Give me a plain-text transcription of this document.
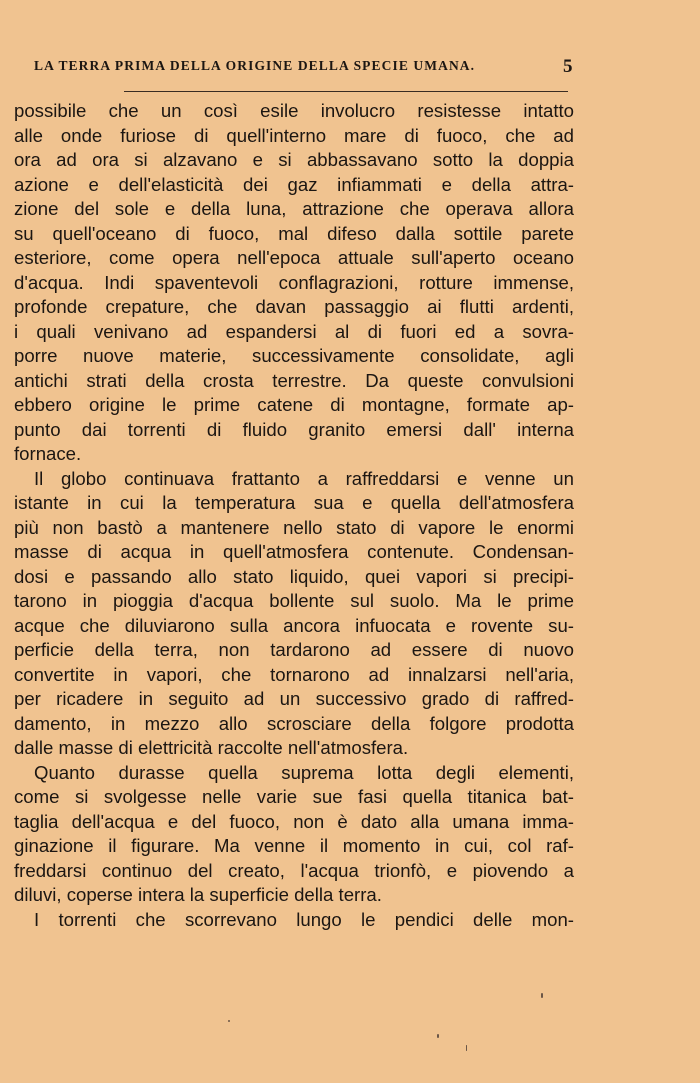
LA TERRA PRIMA DELLA ORIGINE DELLA SPECIE UMANA.	5
possibile che un così esile involucro resistesse intatto
alle onde furiose di quell'interno mare di fuoco, che ad
ora ad ora si alzavano e si abbassavano sotto la doppia
azione e dell'elasticità dei gaz infiammati e della attra-
zione del sole e della luna, attrazione che operava allora
su quell'oceano di fuoco, mal difeso dalla sottile parete
esteriore, come opera nell'epoca attuale sull'aperto oceano
d'acqua. Indi spaventevoli conflagrazioni, rotture immense,
profonde crepature, che davan passaggio ai flutti ardenti,
i quali venivano ad espandersi al di fuori ed a sovra-
porre nuove materie, successivamente consolidate, agli
antichi strati della crosta terrestre. Da queste convulsioni
ebbero origine le prime catene di montagne, formate ap-
punto dai torrenti di fluido granito emersi dall' interna
fornace.
Il globo continuava frattanto a raffreddarsi e venne un
istante in cui la temperatura sua e quella dell'atmosfera
più non bastò a mantenere nello stato di vapore le enormi
masse di acqua in quell'atmosfera contenute. Condensan-
dosi e passando allo stato liquido, quei vapori si precipi-
tarono in pioggia d'acqua bollente sul suolo. Ma le prime
acque che diluviarono sulla ancora infuocata e rovente su-
perficie della terra, non tardarono ad essere di nuovo
convertite in vapori, che tornarono ad innalzarsi nell'aria,
per ricadere in seguito ad un successivo grado di raffred-
damento, in mezzo allo scrosciare della folgore prodotta
dalle masse di elettricità raccolte nell'atmosfera.
Quanto durasse quella suprema lotta degli elementi,
come si svolgesse nelle varie sue fasi quella titanica bat-
taglia dell'acqua e del fuoco, non è dato alla umana imma-
ginazione il figurare. Ma venne il momento in cui, col raf-
freddarsi continuo del creato, l'acqua trionfò, e piovendo a
diluvi, coperse intera la superficie della terra.
I torrenti che scorrevano lungo le pendici delle mon-
